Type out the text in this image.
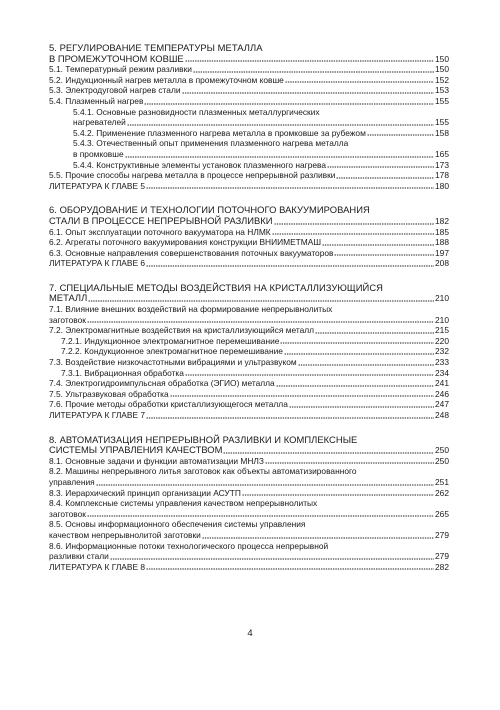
5. РЕГУЛИРОВАНИЕ ТЕМПЕРАТУРЫ МЕТАЛЛА
В ПРОМЕЖУТОЧНОМ КОВШЕ	150
5.1. Температурный режим разливки	150
5.2. Индукционный нагрев металла в промежуточном ковше	152
5.3. Электродуговой нагрев стали	153
5.4. Плазменный нагрев	155
5.4.1. Основные разновидности плазменных металлургических
нагревателей	155
5.4.2. Применение плазменного нагрева металла в промковше за рубежом	158
5.4.3. Отечественный опыт применения плазменного нагрева металла
в промковше	165
5.4.4. Конструктивные элементы установок плазменного нагрева	173
5.5. Прочие способы нагрева металла в процессе непрерывной разливки	178
ЛИТЕРАТУРА К ГЛАВЕ 5	180
6. ОБОРУДОВАНИЕ И ТЕХНОЛОГИИ ПОТОЧНОГО ВАКУУМИРОВАНИЯ
СТАЛИ В ПРОЦЕССЕ НЕПРЕРЫВНОЙ РАЗЛИВКИ	182
6.1. Опыт эксплуатации поточного вакууматора на НЛМК	185
6.2. Агрегаты поточного вакуумирования конструкции ВНИИМЕТМАШ	188
6.3. Основные направления совершенствования поточных вакууматоров	197
ЛИТЕРАТУРА К ГЛАВЕ 6	208
7. СПЕЦИАЛЬНЫЕ МЕТОДЫ ВОЗДЕЙСТВИЯ НА КРИСТАЛЛИЗУЮЩИЙСЯ
МЕТАЛЛ	210
7.1. Влияние внешних воздействий на формирование непрерывнолитых
заготовок	210
7.2. Электромагнитные воздействия на кристаллизующийся металл	215
7.2.1. Индукционное электромагнитное перемешивание	220
7.2.2. Кондукционное электромагнитное перемешивание	232
7.3. Воздействие низкочастотными вибрациями и ультразвуком	233
7.3.1. Вибрационная обработка	234
7.4. Электрогидроимпульсная обработка (ЭГИО) металла	241
7.5. Ультразвуковая обработка	246
7.6. Прочие методы обработки кристаллизующегося металла	247
ЛИТЕРАТУРА К ГЛАВЕ 7	248
8. АВТОМАТИЗАЦИЯ НЕПРЕРЫВНОЙ РАЗЛИВКИ И КОМПЛЕКСНЫЕ
СИСТЕМЫ УПРАВЛЕНИЯ КАЧЕСТВОМ	250
8.1. Основные задачи и функции автоматизации МНЛЗ	250
8.2. Машины непрерывного литья заготовок как объекты автоматизированного
управления	251
8.3. Иерархический принцип организации АСУТП	262
8.4. Комплексные системы управления качеством непрерывнолитых
заготовок	265
8.5. Основы информационного обеспечения системы управления
качеством непрерывнолитой заготовки	279
8.6. Информационные потоки технологического процесса непрерывной
разливки стали	279
ЛИТЕРАТУРА К ГЛАВЕ 8	282
4
